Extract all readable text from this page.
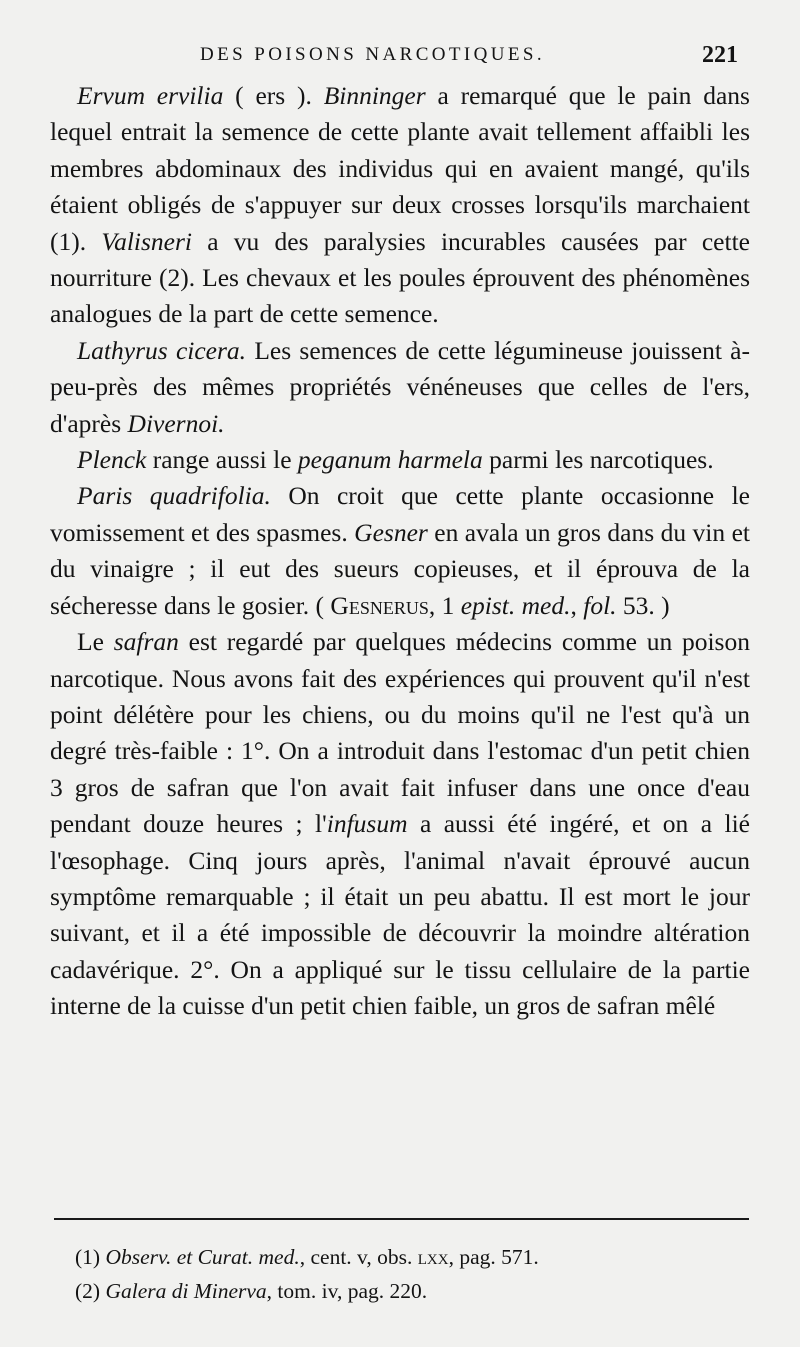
DES POISONS NARCOTIQUES.	221

Ervum ervilia ( ers ). Binninger a remarqué que le pain dans lequel entrait la semence de cette plante avait tellement affaibli les membres abdominaux des individus qui en avaient mangé, qu'ils étaient obligés de s'appuyer sur deux crosses lorsqu'ils marchaient (1). Valisneri a vu des paralysies incurables causées par cette nourriture (2). Les chevaux et les poules éprouvent des phénomènes analogues de la part de cette semence.

Lathyrus cicera. Les semences de cette légumineuse jouissent à-peu-près des mêmes propriétés vénéneuses que celles de l'ers, d'après Divernoi.

Plenck range aussi le peganum harmela parmi les narcotiques.

Paris quadrifolia. On croit que cette plante occasionne le vomissement et des spasmes. Gesner en avala un gros dans du vin et du vinaigre ; il eut des sueurs copieuses, et il éprouva de la sécheresse dans le gosier. ( Gesnerus, 1 epist. med., fol. 53. )

Le safran est regardé par quelques médecins comme un poison narcotique. Nous avons fait des expériences qui prouvent qu'il n'est point délétère pour les chiens, ou du moins qu'il ne l'est qu'à un degré très-faible : 1°. On a introduit dans l'estomac d'un petit chien 3 gros de safran que l'on avait fait infuser dans une once d'eau pendant douze heures ; l'infusum a aussi été ingéré, et on a lié l'œsophage. Cinq jours après, l'animal n'avait éprouvé aucun symptôme remarquable ; il était un peu abattu. Il est mort le jour suivant, et il a été impossible de découvrir la moindre altération cadavérique. 2°. On a appliqué sur le tissu cellulaire de la partie interne de la cuisse d'un petit chien faible, un gros de safran mêlé

(1) Observ. et Curat. med., cent. v, obs. lxx, pag. 571.
(2) Galera di Minerva, tom. iv, pag. 220.
